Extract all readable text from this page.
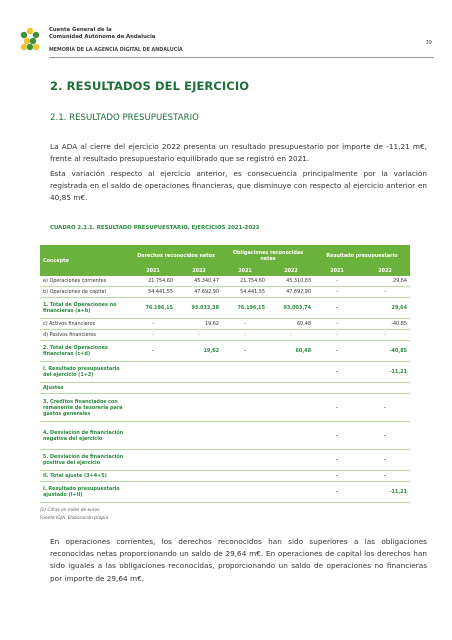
Cuenta General de la
Comunidad Autónoma de Andalucía
MEMORIA DE LA AGENCIA DIGITAL DE ANDALUCÍA
39
2. RESULTADOS DEL EJERCICIO
2.1. RESULTADO PRESUPUESTARIO
La ADA al cierre del ejercicio 2022 presenta un resultado presupuestario por importe de -11,21 m€, frente al resultado presupuestario equilibrado que se registró en 2021.
Esta variación respecto al ejercicio anterior, es consecuencia principalmente por la variación registrada en el saldo de operaciones financieras, que disminuye con respecto al ejercicio anterior en 40,85 m€.
CUADRO 2.1.1. RESULTADO PRESUPUESTARIO. EJERCICIOS 2021-2022
Concepto	Derechos reconocidos netos		Obligaciones reconocidas netas		Resultado presupuestario	
	2021	2022	2021	2022	2021	2022
a) Operaciones corrientes	21.754,60	45.340,47	21.754,60	45.310,83	-	29,64
b) Operaciones de capital	54.441,55	47.692,90	54.441,55	47.692,90	-	-
1. Total de Operaciones no financieras (a+b)	76.196,15	93.033,38	76.196,15	93.003,74	-	29,64
c) Activos financieros	-	19,62	-	60,48	-	-40,85
d) Pasivos financieros	-	-	-	-	-	-
2. Total de Operaciones financieras (c+d)	-	19,62	-	60,48	-	-40,85
I. Resultado presupuestario del ejercicio (1+2)					-	-11,21
Ajustes						
3. Créditos financiados con remanente de tesorería para gastos generales					-	-
4. Desviación de financiación negativa del ejercicio					-	-
5. Desviación de financiación positiva del ejercicio					-	-
II. Total ajuste (3+4+5)					-	-
I. Resultado presupuestario ajustado (I+II)					-	-11,21
(1) Cifras en miles de euros
Fuente IGJA. Elaboración propia
En operaciones corrientes, los derechos reconocidos han sido superiores a las obligaciones reconocidas netas proporcionando un saldo de 29,64 m€. En operaciones de capital los derechos han sido iguales a las obligaciones reconocidas, proporcionando un saldo de operaciones no financieras por importe de 29,64 m€.
